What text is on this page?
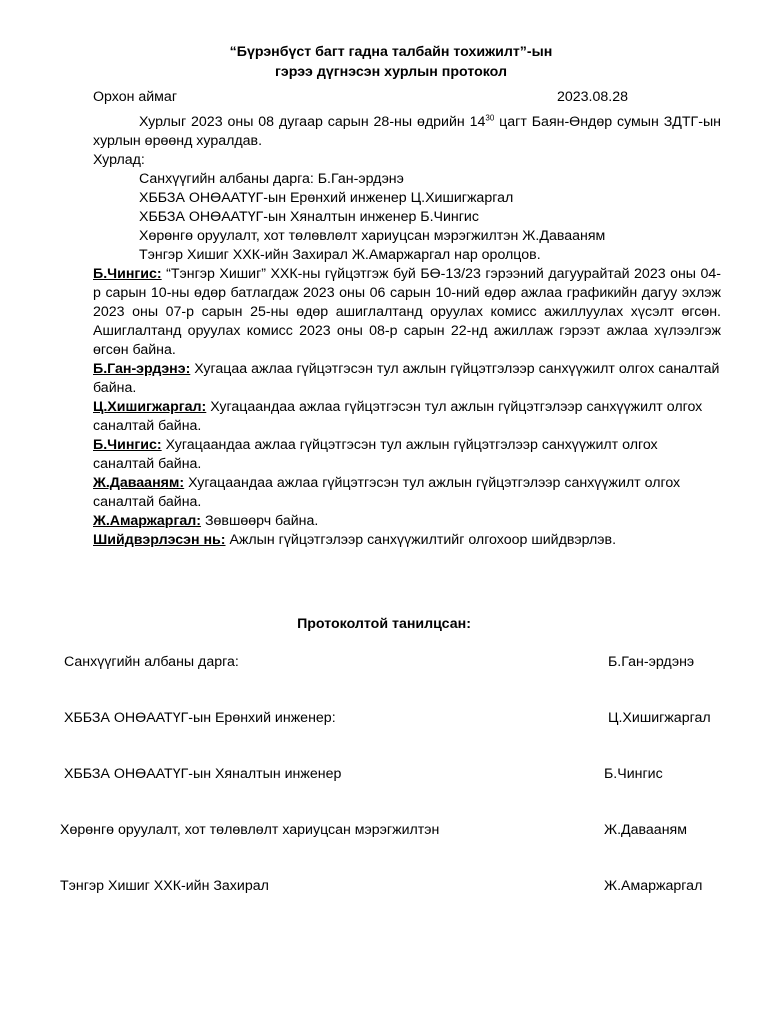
“Бүрэнбүст багт гадна талбайн тохижилт”-ын
гэрээ дүгнэсэн хурлын протокол
Орхон аймаг	2023.08.28
Хурлыг 2023 оны 08 дугаар сарын 28-ны өдрийн $14^{30}$ цагт Баян-Өндөр сумын ЗДТГ-ын хурлын өрөөнд хуралдав.
Хурлад:
Санхүүгийн албаны дарга: Б.Ган-эрдэнэ
ХББЗА ОНӨААТҮГ-ын Ерөнхий инженер Ц.Хишигжаргал
ХББЗА ОНӨААТҮГ-ын Хяналтын инженер Б.Чингис
Хөрөнгө оруулалт, хот төлөвлөлт хариуцсан мэрэгжилтэн Ж.Давааням
Тэнгэр Хишиг ХХК-ийн Захирал Ж.Амаржаргал нар оролцов.
Б.Чингис: “Тэнгэр Хишиг” ХХК-ны гүйцэтгэж буй БӨ-13/23 гэрээний дагуурайтай 2023 оны 04-р сарын 10-ны өдөр батлагдаж 2023 оны 06 сарын 10-ний өдөр ажлаа графикийн дагуу эхлэж 2023 оны 07-р сарын 25-ны өдөр ашиглалтанд оруулах комисс ажиллуулах хүсэлт өгсөн. Ашиглалтанд оруулах комисс 2023 оны 08-р сарын 22-нд ажиллаж гэрээт ажлаа хүлээлгэж өгсөн байна.
Б.Ган-эрдэнэ: Хугацаа ажлаа гүйцэтгэсэн тул ажлын гүйцэтгэлээр санхүүжилт олгох саналтай байна.
Ц.Хишигжаргал: Хугацаандаа ажлаа гүйцэтгэсэн тул ажлын гүйцэтгэлээр санхүүжилт олгох саналтай байна.
Б.Чингис: Хугацаандаа ажлаа гүйцэтгэсэн тул ажлын гүйцэтгэлээр санхүүжилт олгох саналтай байна.
Ж.Давааням: Хугацаандаа ажлаа гүйцэтгэсэн тул ажлын гүйцэтгэлээр санхүүжилт олгох саналтай байна.
Ж.Амаржаргал: Зөвшөөрч байна.
Шийдвэрлэсэн нь: Ажлын гүйцэтгэлээр санхүүжилтийг олгохоор шийдвэрлэв.
Протоколтой танилцсан:
Санхүүгийн албаны дарга:	Б.Ган-эрдэнэ
ХББЗА ОНӨААТҮГ-ын Ерөнхий инженер:	Ц.Хишигжаргал
ХББЗА ОНӨААТҮГ-ын Хяналтын инженер	Б.Чингис
Хөрөнгө оруулалт, хот төлөвлөлт хариуцсан мэрэгжилтэн	Ж.Давааням
Тэнгэр Хишиг ХХК-ийн Захирал	Ж.Амаржаргал
